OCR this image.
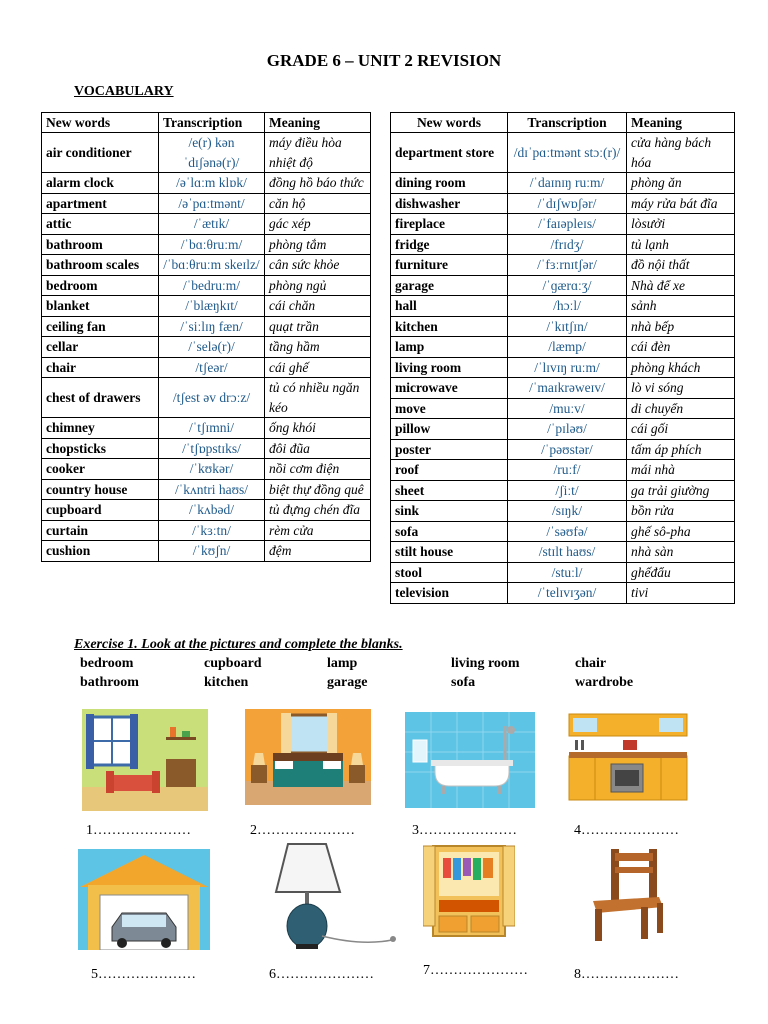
GRADE 6 – UNIT 2 REVISION
VOCABULARY
New words	Transcription	Meaning
air conditioner	/e(r) kən ˈdɪʃənə(r)/	máy điều hòa nhiệt độ
alarm clock	/əˈlɑːm klɒk/	đồng hồ báo thức
apartment	/əˈpɑːtmənt/	căn hộ
attic	/ˈætɪk/	gác xép
bathroom	/ˈbɑːθruːm/	phòng tắm
bathroom scales	/ˈbɑːθruːm skeɪlz/	cân sức khỏe
bedroom	/ˈbedruːm/	phòng ngủ
blanket	/ˈblæŋkɪt/	cái chăn
ceiling fan	/ˈsiːlɪŋ fæn/	quạt trần
cellar	/ˈselə(r)/	tầng hầm
chair	/tʃeər/	cái ghế
chest of drawers	/tʃest əv drɔːz/	tủ có nhiều ngăn kéo
chimney	/ˈtʃɪmni/	ống khói
chopsticks	/ˈtʃɒpstɪks/	đôi đũa
cooker	/ˈkʊkər/	nồi cơm điện
country house	/ˈkʌntri haʊs/	biệt thự đồng quê
cupboard	/ˈkʌbəd/	tủ đựng chén đĩa
curtain	/ˈkɜːtn/	rèm cửa
cushion	/ˈkʊʃn/	đệm
New words	Transcription	Meaning
department store	/dɪˈpɑːtmənt stɔː(r)/	cửa hàng bách hóa
dining room	/ˈdaɪnɪŋ ruːm/	phòng ăn
dishwasher	/ˈdɪʃwɒʃər/	máy rửa bát đĩa
fireplace	/ˈfaɪəpleɪs/	lòsưởi
fridge	/frɪdʒ/	tủ lạnh
furniture	/ˈfɜːrnɪtʃər/	đồ nội thất
garage	/ˈɡærɑːʒ/	Nhà để xe
hall	/hɔːl/	sảnh
kitchen	/ˈkɪtʃɪn/	nhà bếp
lamp	/læmp/	cái đèn
living room	/ˈlɪvɪŋ ruːm/	phòng khách
microwave	/ˈmaɪkrəweɪv/	lò vi sóng
move	/muːv/	di chuyển
pillow	/ˈpɪləʊ/	cái gối
poster	/ˈpəʊstər/	tấm áp phích
roof	/ruːf/	mái nhà
sheet	/ʃiːt/	ga trải giường
sink	/sɪŋk/	bồn rửa
sofa	/ˈsəʊfə/	ghế sô-pha
stilt house	/stɪlt haʊs/	nhà sàn
stool	/stuːl/	ghếđẩu
television	/ˈtelɪvɪʒən/	tivi
Exercise 1. Look at the pictures and complete the blanks.
bedroom	cupboard	lamp	living room	chair
bathroom	kitchen	garage	sofa	wardrobe
1…………………	2…………………	3…………………	4…………………
5…………………	6…………………	7…………………	8…………………
